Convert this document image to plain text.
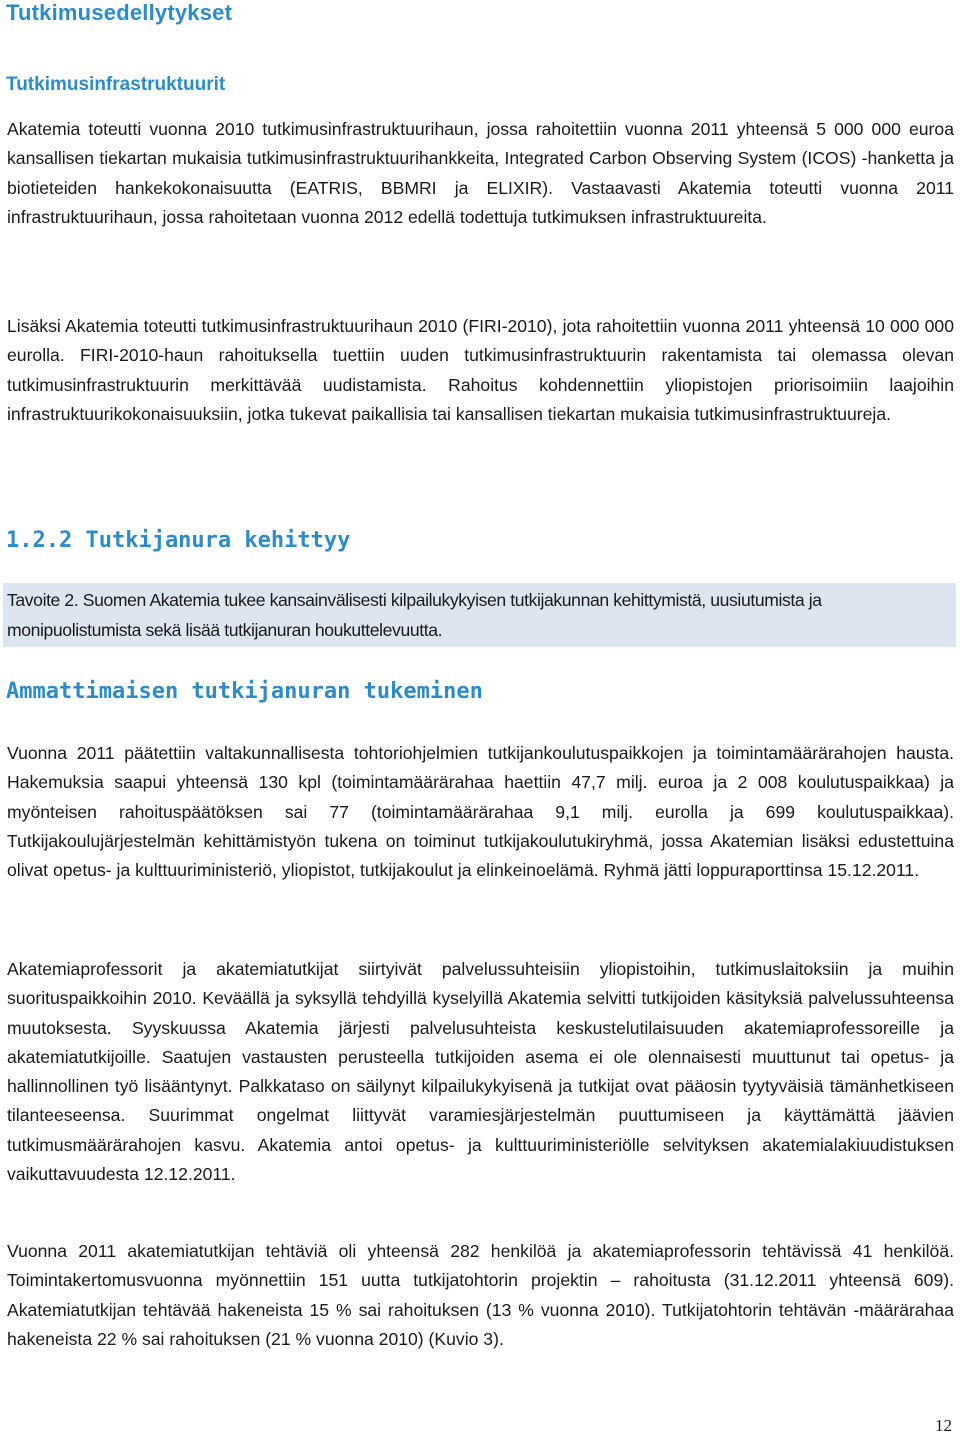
Tutkimusedellytykset
Tutkimusinfrastruktuurit

Akatemia toteutti vuonna 2010 tutkimusinfrastruktuurihaun, jossa rahoitettiin vuonna 2011 yhteensä 5 000 000 euroa kansallisen tiekartan mukaisia tutkimusinfrastruktuurihankkeita, Integrated Carbon Observing System (ICOS) -hanketta ja biotieteiden hankekokonaisuutta (EATRIS, BBMRI ja ELIXIR). Vastaavasti Akatemia toteutti vuonna 2011 infrastruktuurihaun, jossa rahoitetaan vuonna 2012 edellä todettuja tutkimuksen infrastruktuureita.

Lisäksi Akatemia toteutti tutkimusinfrastruktuurihaun 2010 (FIRI-2010), jota rahoitettiin vuonna 2011 yhteensä 10 000 000 eurolla. FIRI-2010-haun rahoituksella tuettiin uuden tutkimusinfrastruktuurin rakentamista tai olemassa olevan tutkimusinfrastruktuurin merkittävää uudistamista. Rahoitus kohdennettiin yliopistojen priorisoimiin laajoihin infrastruktuurikokonaisuuksiin, jotka tukevat paikallisia tai kansallisen tiekartan mukaisia tutkimusinfrastruktuureja.

1.2.2 Tutkijanura kehittyy

Tavoite 2. Suomen Akatemia tukee kansainvälisesti kilpailukykyisen tutkijakunnan kehittymistä, uusiutumista ja monipuolistumista sekä lisää tutkijanuran houkuttelevuutta.

Ammattimaisen tutkijanuran tukeminen

Vuonna 2011 päätettiin valtakunnallisesta tohtoriohjelmien tutkijankoulutuspaikkojen ja toimintamäärärahojen hausta. Hakemuksia saapui yhteensä 130 kpl (toimintamäärärahaa haettiin 47,7 milj. euroa ja 2 008 koulutuspaikkaa) ja myönteisen rahoituspäätöksen sai 77 (toimintamäärärahaa 9,1 milj. eurolla ja 699 koulutuspaikkaa). Tutkijakoulujärjestelmän kehittämistyön tukena on toiminut tutkijakoulutukiryhmä, jossa Akatemian lisäksi edustettuina olivat opetus- ja kulttuuriministeriö, yliopistot, tutkijakoulut ja elinkeinoelämä. Ryhmä jätti loppuraporttinsa 15.12.2011.

Akatemiaprofessorit ja akatemiatutkijat siirtyivät palvelussuhteisiin yliopistoihin, tutkimuslaitoksiin ja muihin suorituspaikkoihin 2010. Keväällä ja syksyllä tehdyillä kyselyillä Akatemia selvitti tutkijoiden käsityksiä palvelussuhteensa muutoksesta. Syyskuussa Akatemia järjesti palvelusuhteista keskustelutilaisuuden akatemiaprofessoreille ja akatemiatutkijoille. Saatujen vastausten perusteella tutkijoiden asema ei ole olennaisesti muuttunut tai opetus- ja hallinnollinen työ lisääntynyt. Palkkataso on säilynyt kilpailukykyisenä ja tutkijat ovat pääosin tyytyväisiä tämänhetkiseen tilanteeseensa. Suurimmat ongelmat liittyvät varamiesjärjestelmän puuttumiseen ja käyttämättä jäävien tutkimusmäärärahojen kasvu. Akatemia antoi opetus- ja kulttuuriministeriölle selvityksen akatemialakiuudistuksen vaikuttavuudesta 12.12.2011.

Vuonna 2011 akatemiatutkijan tehtäviä oli yhteensä 282 henkilöä ja akatemiaprofessorin tehtävissä 41 henkilöä. Toimintakertomusvuonna myönnettiin 151 uutta tutkijatohtorin projektin – rahoitusta (31.12.2011 yhteensä 609). Akatemiatutkijan tehtävää hakeneista 15 % sai rahoituksen (13 % vuonna 2010). Tutkijatohtorin tehtävän -määrärahaa hakeneista 22 % sai rahoituksen (21 % vuonna 2010) (Kuvio 3).

12
